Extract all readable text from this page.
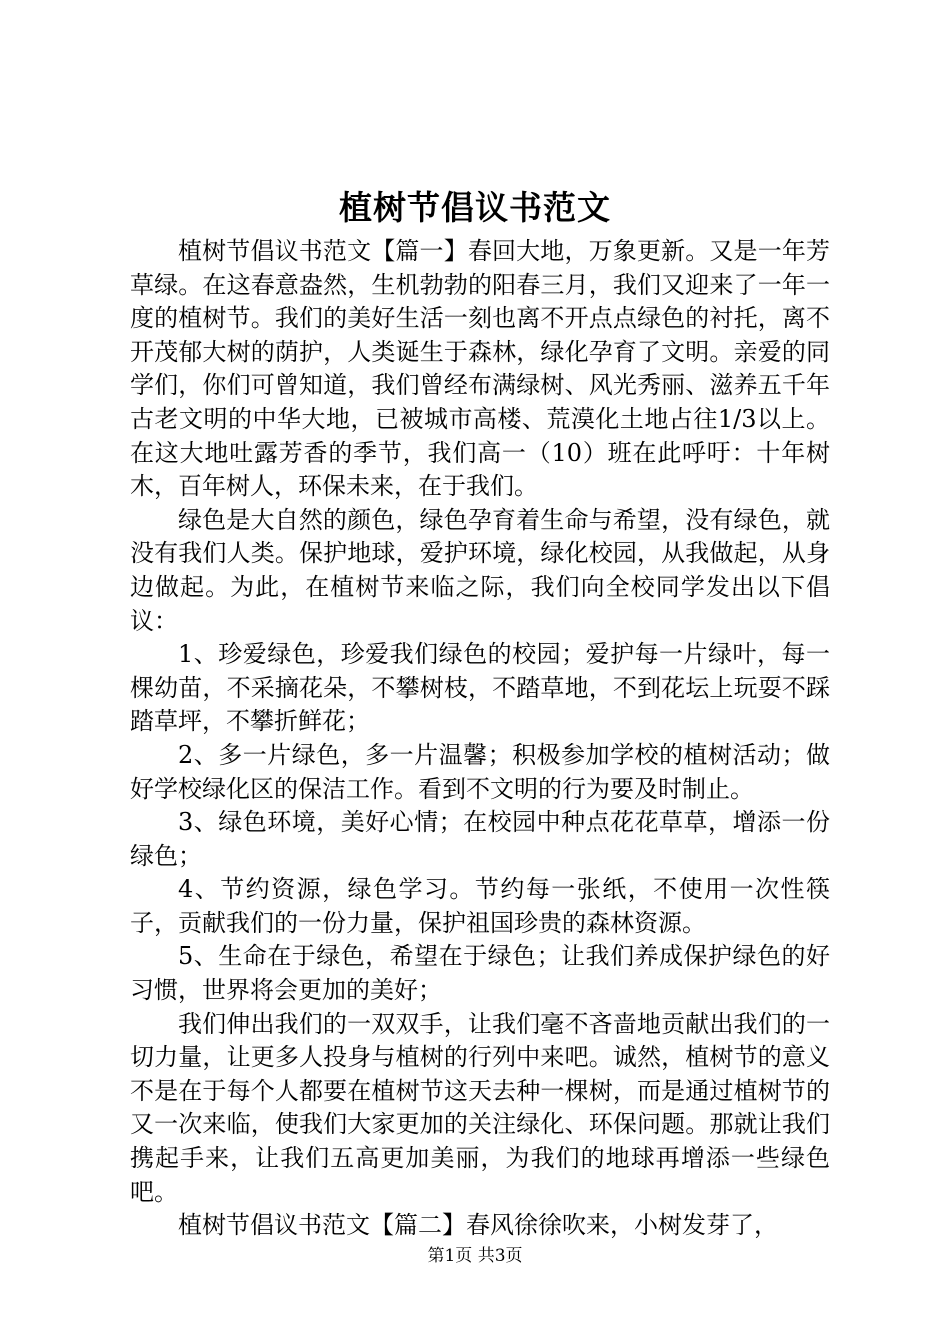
植树节倡议书范文

植树节倡议书范文【篇一】春回大地，万象更新。又是一年芳草绿。在这春意盎然，生机勃勃的阳春三月，我们又迎来了一年一度的植树节。我们的美好生活一刻也离不开点点绿色的衬托，离不开茂郁大树的荫护，人类诞生于森林，绿化孕育了文明。亲爱的同学们，你们可曾知道，我们曾经布满绿树、风光秀丽、滋养五千年古老文明的中华大地，已被城市高楼、荒漠化土地占往1/3以上。在这大地吐露芳香的季节，我们高一（10）班在此呼吁：十年树木，百年树人，环保未来，在于我们。

绿色是大自然的颜色，绿色孕育着生命与希望，没有绿色，就没有我们人类。保护地球，爱护环境，绿化校园，从我做起，从身边做起。为此，在植树节来临之际，我们向全校同学发出以下倡议：

1、珍爱绿色，珍爱我们绿色的校园；爱护每一片绿叶，每一棵幼苗，不采摘花朵，不攀树枝，不踏草地，不到花坛上玩耍不踩踏草坪，不攀折鲜花；

2、多一片绿色，多一片温馨；积极参加学校的植树活动；做好学校绿化区的保洁工作。看到不文明的行为要及时制止。

3、绿色环境，美好心情；在校园中种点花花草草，增添一份绿色；

4、节约资源，绿色学习。节约每一张纸，不使用一次性筷子，贡献我们的一份力量，保护祖国珍贵的森林资源。

5、生命在于绿色，希望在于绿色；让我们养成保护绿色的好习惯，世界将会更加的美好；

我们伸出我们的一双双手，让我们毫不吝啬地贡献出我们的一切力量，让更多人投身与植树的行列中来吧。诚然，植树节的意义不是在于每个人都要在植树节这天去种一棵树，而是通过植树节的又一次来临，使我们大家更加的关注绿化、环保问题。那就让我们携起手来，让我们五高更加美丽，为我们的地球再增添一些绿色吧。

植树节倡议书范文【篇二】春风徐徐吹来，小树发芽了，

第1页 共3页
